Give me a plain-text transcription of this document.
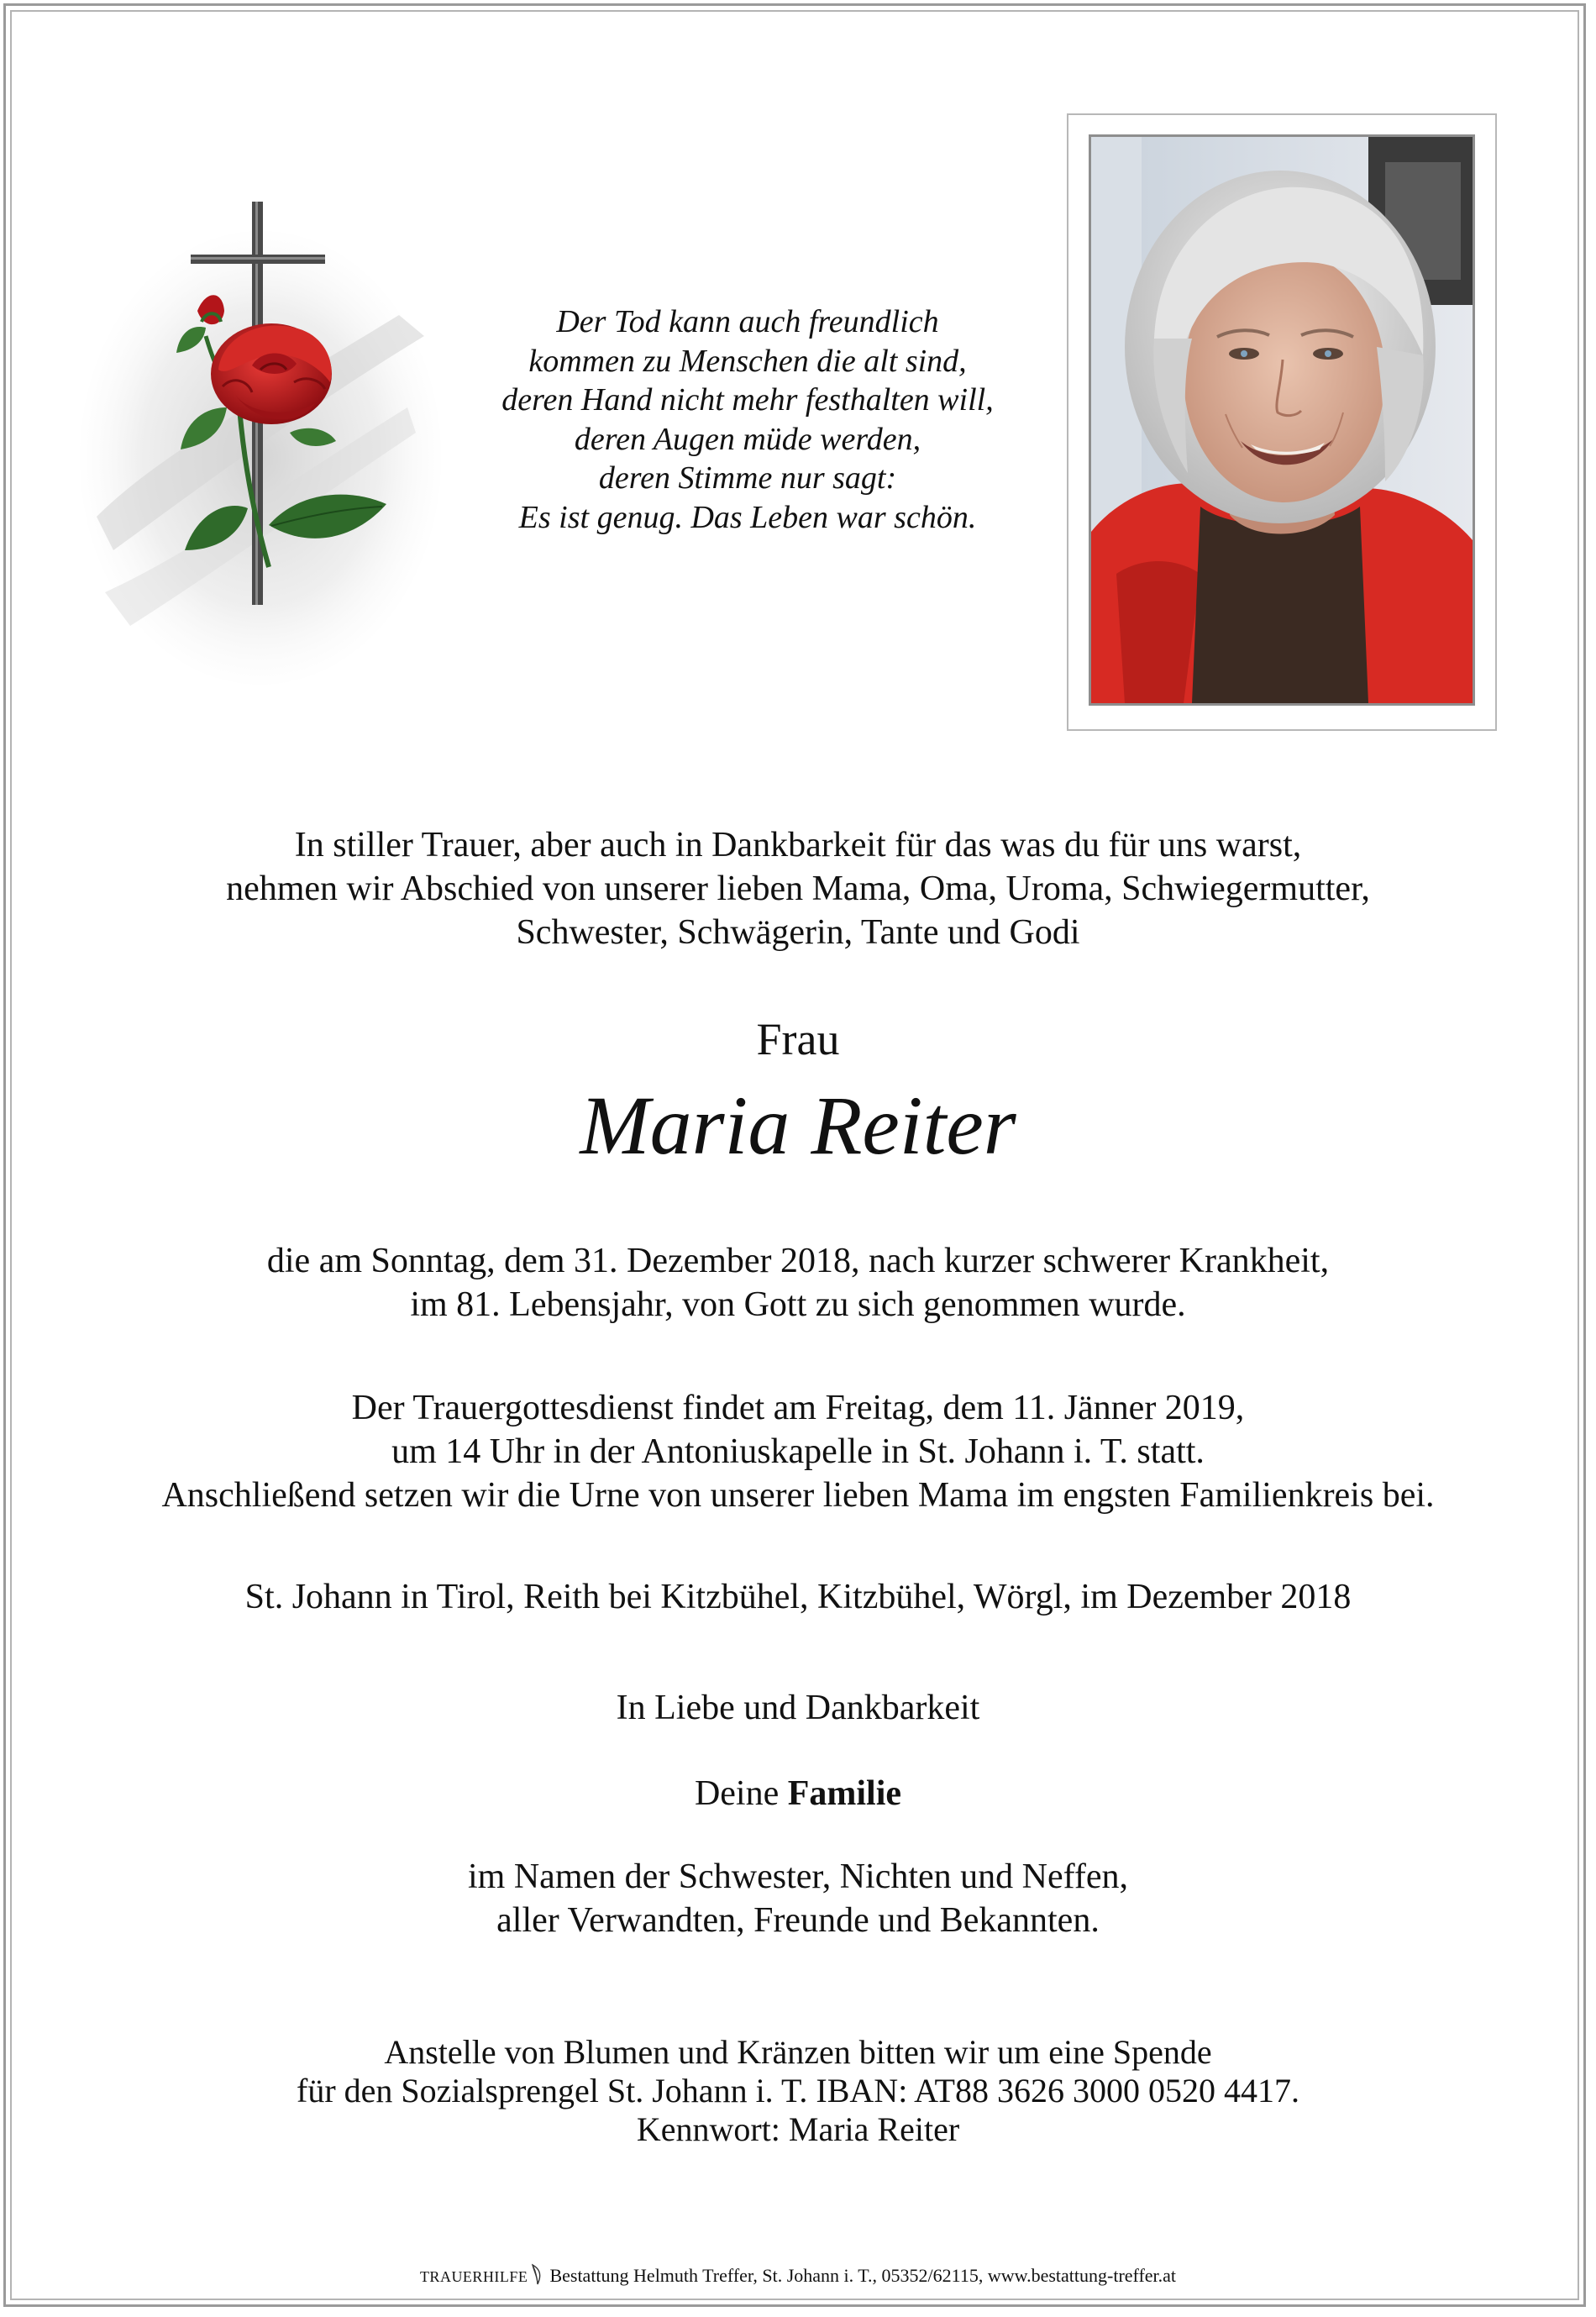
Der Tod kann auch freundlich
kommen zu Menschen die alt sind,
deren Hand nicht mehr festhalten will,
deren Augen müde werden,
deren Stimme nur sagt:
Es ist genug. Das Leben war schön.
In stiller Trauer, aber auch in Dankbarkeit für das was du für uns warst,
nehmen wir Abschied von unserer lieben Mama, Oma, Uroma, Schwiegermutter,
Schwester, Schwägerin, Tante und Godi
Frau
Maria Reiter
die am Sonntag, dem 31. Dezember 2018, nach kurzer schwerer Krankheit,
im 81. Lebensjahr, von Gott zu sich genommen wurde.
Der Trauergottesdienst findet am Freitag, dem 11. Jänner 2019,
um 14 Uhr in der Antoniuskapelle in St. Johann i. T. statt.
Anschließend setzen wir die Urne von unserer lieben Mama im engsten Familienkreis bei.
St. Johann in Tirol, Reith bei Kitzbühel, Kitzbühel, Wörgl, im Dezember 2018
In Liebe und Dankbarkeit
Deine Familie
im Namen der Schwester, Nichten und Neffen,
aller Verwandten, Freunde und Bekannten.
Anstelle von Blumen und Kränzen bitten wir um eine Spende
für den Sozialsprengel St. Johann i. T. IBAN: AT88 3626 3000 0520 4417.
Kennwort: Maria Reiter
TRAUERHILFE Bestattung Helmuth Treffer, St. Johann i. T., 05352/62115, www.bestattung-treffer.at
